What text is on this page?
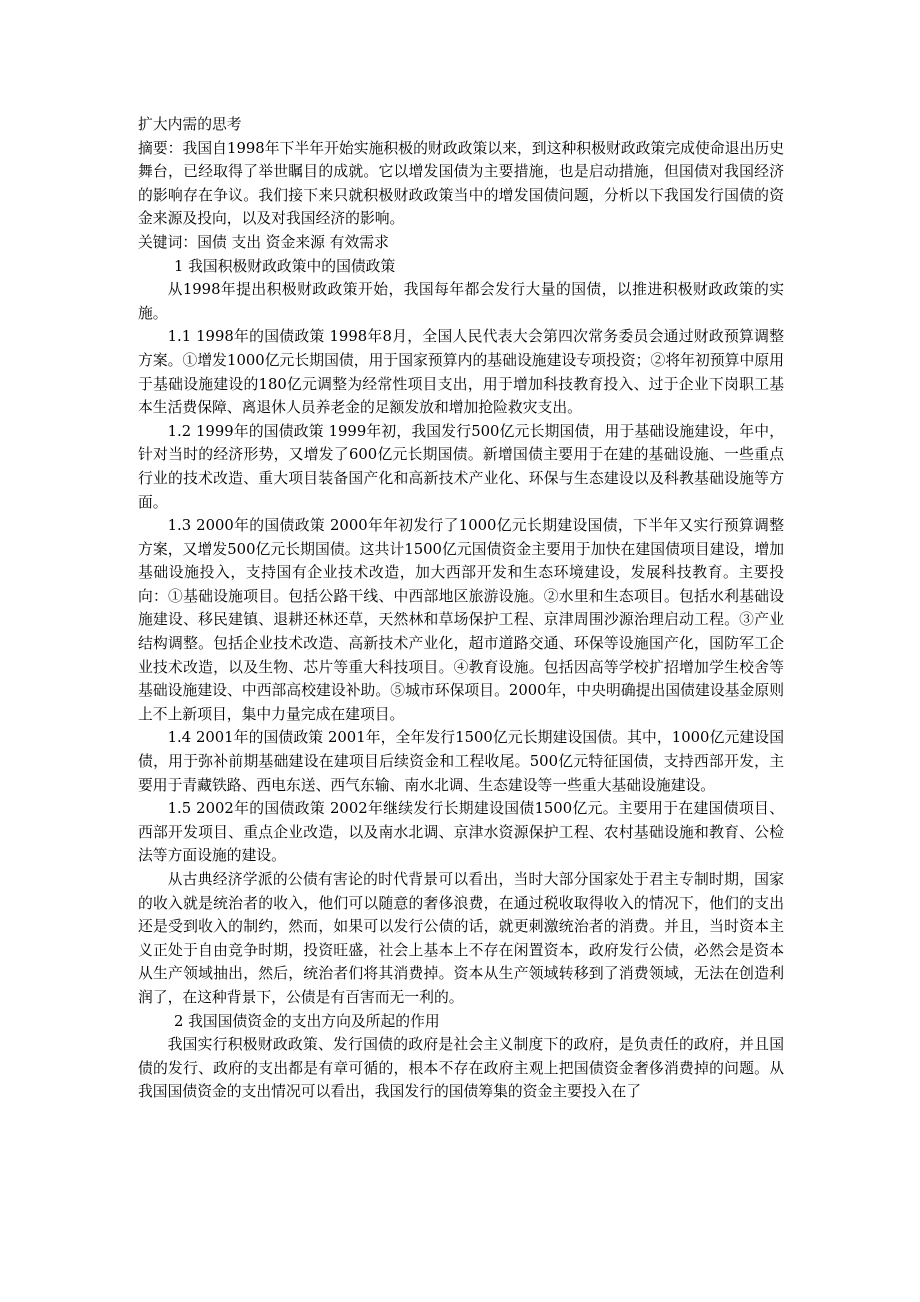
扩大内需的思考

摘要：我国自1998年下半年开始实施积极的财政政策以来，到这种积极财政政策完成使命退出历史舞台，已经取得了举世瞩目的成就。它以增发国债为主要措施，也是启动措施，但国债对我国经济的影响存在争议。我们接下来只就积极财政政策当中的增发国债问题，分析以下我国发行国债的资金来源及投向，以及对我国经济的影响。

关键词：国债 支出 资金来源 有效需求

1 我国积极财政政策中的国债政策

从1998年提出积极财政政策开始，我国每年都会发行大量的国债，以推进积极财政政策的实施。

1.1 1998年的国债政策 1998年8月，全国人民代表大会第四次常务委员会通过财政预算调整方案。①增发1000亿元长期国债，用于国家预算内的基础设施建设专项投资；②将年初预算中原用于基础设施建设的180亿元调整为经常性项目支出，用于增加科技教育投入、过于企业下岗职工基本生活费保障、离退休人员养老金的足额发放和增加抢险救灾支出。

1.2 1999年的国债政策 1999年初，我国发行500亿元长期国债，用于基础设施建设，年中，针对当时的经济形势，又增发了600亿元长期国债。新增国债主要用于在建的基础设施、一些重点行业的技术改造、重大项目装备国产化和高新技术产业化、环保与生态建设以及科教基础设施等方面。

1.3 2000年的国债政策 2000年年初发行了1000亿元长期建设国债，下半年又实行预算调整方案，又增发500亿元长期国债。这共计1500亿元国债资金主要用于加快在建国债项目建设，增加基础设施投入，支持国有企业技术改造，加大西部开发和生态环境建设，发展科技教育。主要投向：①基础设施项目。包括公路干线、中西部地区旅游设施。②水里和生态项目。包括水利基础设施建设、移民建镇、退耕还林还草，天然林和草场保护工程、京津周围沙源治理启动工程。③产业结构调整。包括企业技术改造、高新技术产业化，超市道路交通、环保等设施国产化，国防军工企业技术改造，以及生物、芯片等重大科技项目。④教育设施。包括因高等学校扩招增加学生校舍等基础设施建设、中西部高校建设补助。⑤城市环保项目。2000年，中央明确提出国债建设基金原则上不上新项目，集中力量完成在建项目。

1.4 2001年的国债政策 2001年，全年发行1500亿元长期建设国债。其中，1000亿元建设国债，用于弥补前期基础建设在建项目后续资金和工程收尾。500亿元特征国债，支持西部开发，主要用于青藏铁路、西电东送、西气东输、南水北调、生态建设等一些重大基础设施建设。

1.5 2002年的国债政策 2002年继续发行长期建设国债1500亿元。主要用于在建国债项目、西部开发项目、重点企业改造，以及南水北调、京津水资源保护工程、农村基础设施和教育、公检法等方面设施的建设。

从古典经济学派的公债有害论的时代背景可以看出，当时大部分国家处于君主专制时期，国家的收入就是统治者的收入，他们可以随意的奢侈浪费，在通过税收取得收入的情况下，他们的支出还是受到收入的制约，然而，如果可以发行公债的话，就更刺激统治者的消费。并且，当时资本主义正处于自由竞争时期，投资旺盛，社会上基本上不存在闲置资本，政府发行公债，必然会是资本从生产领域抽出，然后，统治者们将其消费掉。资本从生产领域转移到了消费领域，无法在创造利润了，在这种背景下，公债是有百害而无一利的。

2 我国国债资金的支出方向及所起的作用

我国实行积极财政政策、发行国债的政府是社会主义制度下的政府，是负责任的政府，并且国债的发行、政府的支出都是有章可循的，根本不存在政府主观上把国债资金奢侈消费掉的问题。从我国国债资金的支出情况可以看出，我国发行的国债筹集的资金主要投入在了
